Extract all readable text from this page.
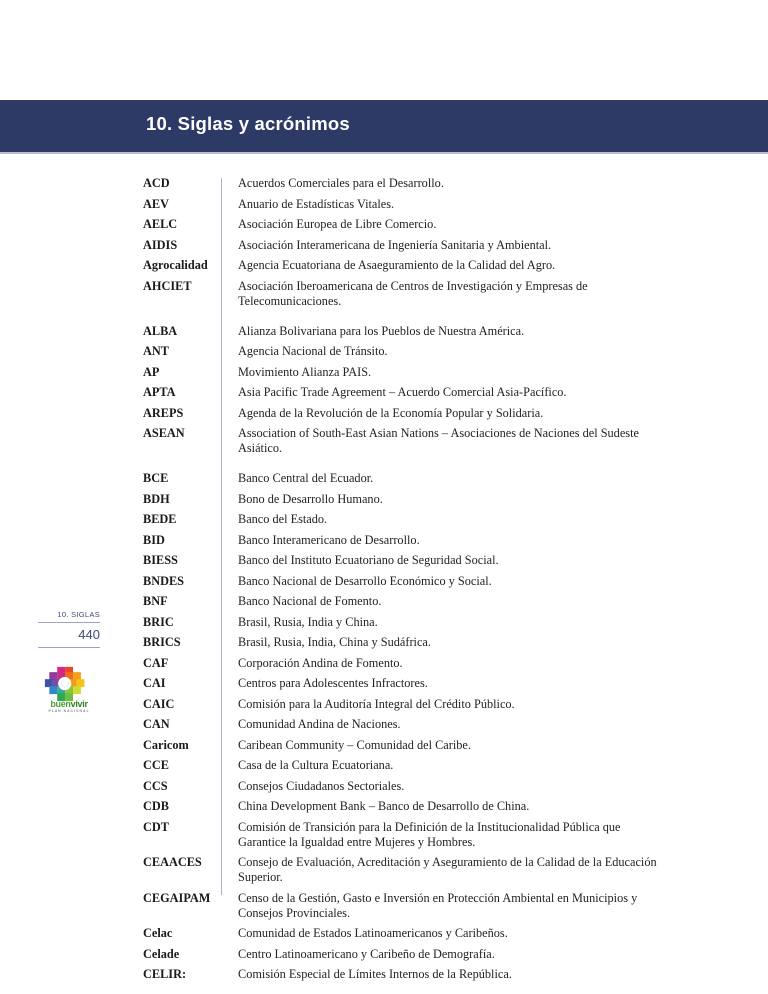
10. Siglas y acrónimos
10. SIGLAS
440
buenvivir
PLAN NACIONAL
ACD	Acuerdos Comerciales para el Desarrollo.
AEV	Anuario de Estadísticas Vitales.
AELC	Asociación Europea de Libre Comercio.
AIDIS	Asociación Interamericana de Ingeniería Sanitaria y Ambiental.
Agrocalidad	Agencia Ecuatoriana de Asaeguramiento de la Calidad del Agro.
AHCIET	Asociación Iberoamericana de Centros de Investigación y Empresas de Telecomunicaciones.
ALBA	Alianza Bolivariana para los Pueblos de Nuestra América.
ANT	Agencia Nacional de Tránsito.
AP	Movimiento Alianza PAIS.
APTA	Asia Pacific Trade Agreement – Acuerdo Comercial Asia-Pacífico.
AREPS	Agenda de la Revolución de la Economía Popular y Solidaria.
ASEAN	Association of South-East Asian Nations – Asociaciones de Naciones del Sudeste Asiático.
BCE	Banco Central del Ecuador.
BDH	Bono de Desarrollo Humano.
BEDE	Banco del Estado.
BID	Banco Interamericano de Desarrollo.
BIESS	Banco del Instituto Ecuatoriano de Seguridad Social.
BNDES	Banco Nacional de Desarrollo Económico y Social.
BNF	Banco Nacional de Fomento.
BRIC	Brasil, Rusia, India y China.
BRICS	Brasil, Rusia, India, China y Sudáfrica.
CAF	Corporación Andina de Fomento.
CAI	Centros para Adolescentes Infractores.
CAIC	Comisión para la Auditoría Integral del Crédito Público.
CAN	Comunidad Andina de Naciones.
Caricom	Caribean Community – Comunidad del Caribe.
CCE	Casa de la Cultura Ecuatoriana.
CCS	Consejos Ciudadanos Sectoriales.
CDB	China Development Bank – Banco de Desarrollo de China.
CDT	Comisión de Transición para la Definición de la Institucionalidad Pública que Garantice la Igualdad entre Mujeres y Hombres.
CEAACES	Consejo de Evaluación, Acreditación y Aseguramiento de la Calidad de la Educación Superior.
CEGAIPAM	Censo de la Gestión, Gasto e Inversión en Protección Ambiental en Municipios y Consejos Provinciales.
Celac	Comunidad de Estados Latinoamericanos y Caribeños.
Celade	Centro Latinoamericano y Caribeño de Demografía.
CELIR:	Comisión Especial de Límites Internos de la República.
